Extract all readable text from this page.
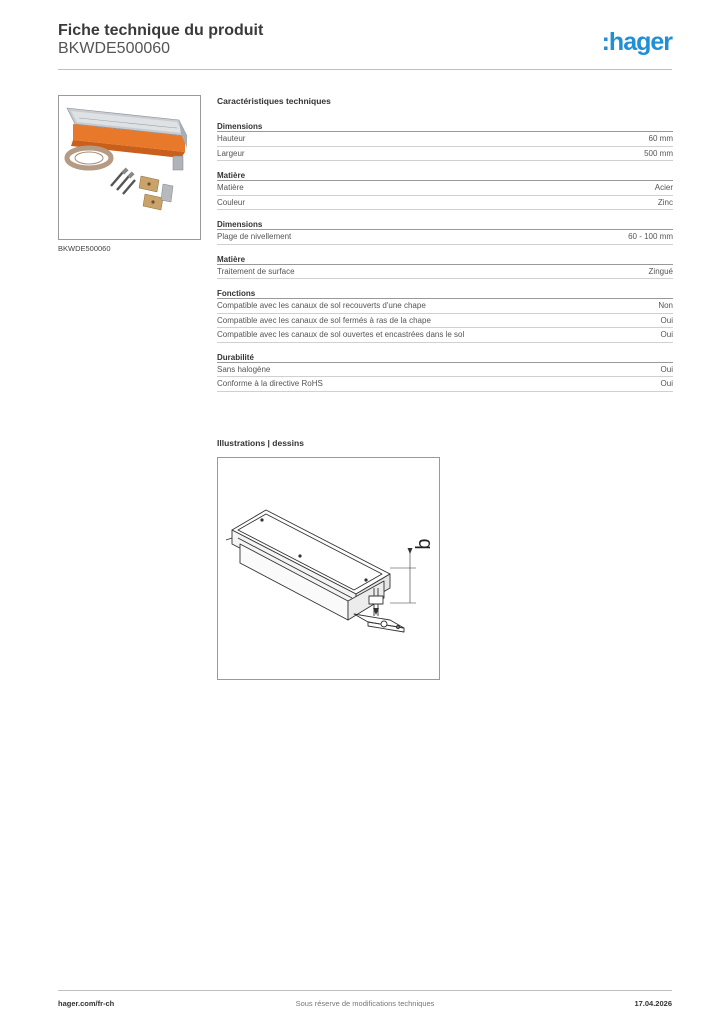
Fiche technique du produit
BKWDE500060	:hager
BKWDE500060
Caractéristiques techniques
Dimensions
Hauteur	60 mm
Largeur	500 mm
Matière
Matière	Acier
Couleur	Zinc
Dimensions
Plage de nivellement	60 - 100 mm
Matière
Traitement de surface	Zingué
Fonctions
Compatible avec les canaux de sol recouverts d'une chape	Non
Compatible avec les canaux de sol fermés à ras de la chape	Oui
Compatible avec les canaux de sol ouvertes et encastrées dans le sol	Oui
Durabilité
Sans halogène	Oui
Conforme à la directive RoHS	Oui
Illustrations | dessins
b
hager.com/fr-ch	Sous réserve de modifications techniques	17.04.2026
